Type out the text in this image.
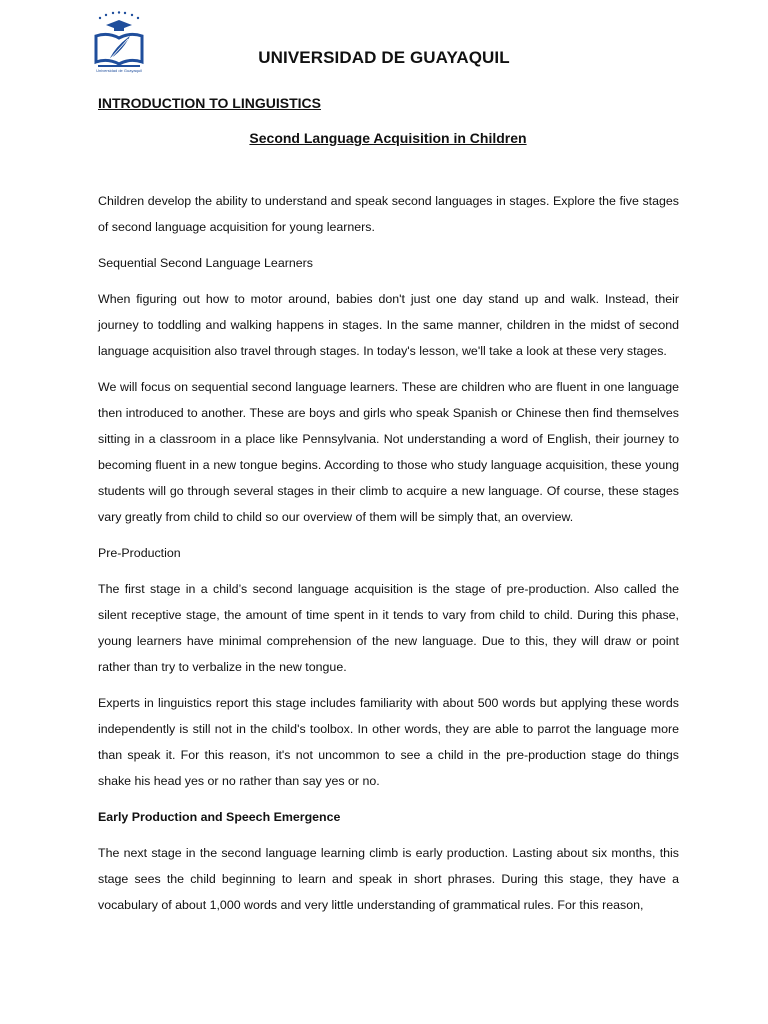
Universidad de Guayaquil
UNIVERSIDAD DE GUAYAQUIL
INTRODUCTION TO LINGUISTICS
Second Language Acquisition in Children

Children develop the ability to understand and speak second languages in stages. Explore the five stages of second language acquisition for young learners.

Sequential Second Language Learners

When figuring out how to motor around, babies don't just one day stand up and walk. Instead, their journey to toddling and walking happens in stages. In the same manner, children in the midst of second language acquisition also travel through stages. In today's lesson, we'll take a look at these very stages.

We will focus on sequential second language learners. These are children who are fluent in one language then introduced to another. These are boys and girls who speak Spanish or Chinese then find themselves sitting in a classroom in a place like Pennsylvania. Not understanding a word of English, their journey to becoming fluent in a new tongue begins. According to those who study language acquisition, these young students will go through several stages in their climb to acquire a new language. Of course, these stages vary greatly from child to child so our overview of them will be simply that, an overview.

Pre-Production

The first stage in a child’s second language acquisition is the stage of pre-production. Also called the silent receptive stage, the amount of time spent in it tends to vary from child to child. During this phase, young learners have minimal comprehension of the new language. Due to this, they will draw or point rather than try to verbalize in the new tongue.

Experts in linguistics report this stage includes familiarity with about 500 words but applying these words independently is still not in the child's toolbox. In other words, they are able to parrot the language more than speak it. For this reason, it's not uncommon to see a child in the pre-production stage do things shake his head yes or no rather than say yes or no.

Early Production and Speech Emergence

The next stage in the second language learning climb is early production. Lasting about six months, this stage sees the child beginning to learn and speak in short phrases. During this stage, they have a vocabulary of about 1,000 words and very little understanding of grammatical rules. For this reason,
